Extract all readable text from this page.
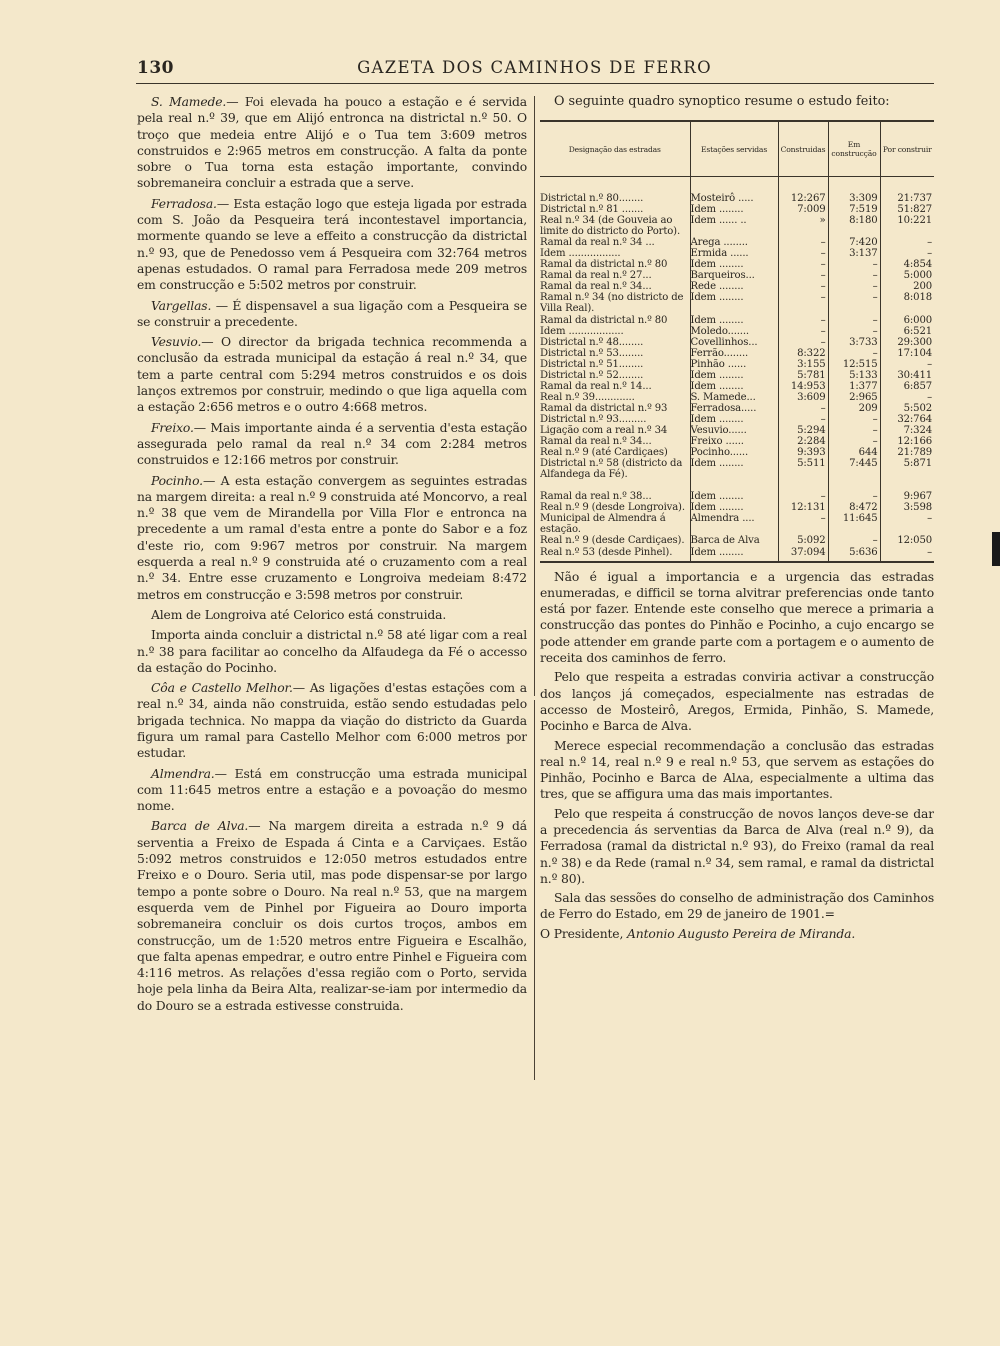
130	GAZETA DOS CAMINHOS DE FERRO

S. Mamede.— Foi elevada ha pouco a estação e é servida pela real n.º 39, que em Alijó entronca na districtal n.º 50. O troço que medeia entre Alijó e o Tua tem 3:609 metros construidos e 2:965 metros em construcção. A falta da ponte sobre o Tua torna esta estação importante, convindo sobremaneira concluir a estrada que a serve.

Ferradosa.— Esta estação logo que esteja ligada por estrada com S. João da Pesqueira terá incontestavel importancia, mormente quando se leve a effeito a construcção da districtal n.º 93, que de Penedosso vem á Pesqueira com 32:764 metros apenas estudados. O ramal para Ferradosa mede 209 metros em construcção e 5:502 metros por construir.

Vargellas. — É dispensavel a sua ligação com a Pesqueira se se construir a precedente.

Vesuvio.— O director da brigada technica recommenda a conclusão da estrada municipal da estação á real n.º 34, que tem a parte central com 5:294 metros construidos e os dois lanços extremos por construir, medindo o que liga aquella com a estação 2:656 metros e o outro 4:668 metros.

Freixo.— Mais importante ainda é a serventia d'esta estação assegurada pelo ramal da real n.º 34 com 2:284 metros construidos e 12:166 metros por construir.

Pocinho.— A esta estação convergem as seguintes estradas na margem direita: a real n.º 9 construida até Moncorvo, a real n.º 38 que vem de Mirandella por Villa Flor e entronca na precedente a um ramal d'esta entre a ponte do Sabor e a foz d'este rio, com 9:967 metros por construir. Na margem esquerda a real n.º 9 construida até o cruzamento com a real n.º 34. Entre esse cruzamento e Longroiva medeiam 8:472 metros em construcção e 3:598 metros por construir.

Alem de Longroiva até Celorico está construida.

Importa ainda concluir a districtal n.º 58 até ligar com a real n.º 38 para facilitar ao concelho da Alfaudega da Fé o accesso da estação do Pocinho.

Côa e Castello Melhor.— As ligações d'estas estações com a real n.º 34, ainda não construida, estão sendo estudadas pelo brigada technica. No mappa da viação do districto da Guarda figura um ramal para Castello Melhor com 6:000 metros por estudar.

Almendra.— Está em construcção uma estrada municipal com 11:645 metros entre a estação e a povoação do mesmo nome.

Barca de Alva.— Na margem direita a estrada n.º 9 dá serventia a Freixo de Espada á Cinta e a Carviçaes. Estão 5:092 metros construidos e 12:050 metros estudados entre Freixo e o Douro. Seria util, mas pode dispensar-se por largo tempo a ponte sobre o Douro. Na real n.º 53, que na margem esquerda vem de Pinhel por Figueira ao Douro importa sobremaneira concluir os dois curtos troços, ambos em construcção, um de 1:520 metros entre Figueira e Escalhão, que falta apenas empedrar, e outro entre Pinhel e Figueira com 4:116 metros. As relações d'essa região com o Porto, servida hoje pela linha da Beira Alta, realizar-se-iam por intermedio da do Douro se a estrada estivesse construida.

O seguinte quadro synoptico resume o estudo feito:
Designação das estradas	Estações servidas	Construidas	Em construcção	Por construir
Districtal n.º 80........	Mosteirô .....	12:267	3:309	21:737
Districtal n.º 81 .......	Idem ........	7:009	7:519	51:827
Real n.º 34 (de Gouveia ao limite do districto do Porto).	Idem ...... ..	»	8:180	10:221
Ramal da real n.º 34 ...	Arega ........	–	7:420	–
Idem .................	Ermida ......	–	3:137	–
Ramal da districtal n.º 80	Idem ........	–	–	4:854
Ramal da real n.º 27...	Barqueiros...	–	–	5:000
Ramal da real n.º 34...	Rede ........	–	–	200
Ramal n.º 34 (no districto de Villa Real).	Idem ........	–	–	8:018
Ramal da districtal n.º 80	Idem ........	–	–	6:000
Idem ..................	Moledo.......	–	–	6:521
Districtal n.º 48........	Covellinhos...	–	3:733	29:300
Districtal n.º 53........	Ferrão........	8:322	–	17:104
Districtal n.º 51........	Pinhão ......	3:155	12:515	–
Districtal n.º 52........	Idem ........	5:781	5:133	30:411
Ramal da real n.º 14...	Idem ........	14:953	1:377	6:857
Real n.º 39.............	S. Mamede...	3:609	2:965	–
Ramal da districtal n.º 93	Ferradosa.....	–	209	5:502
Districtal n.º 93.........	Idem ........	–	–	32:764
Ligação com a real n.º 34	Vesuvio......	5:294	–	7:324
Ramal da real n.º 34...	Freixo ......	2:284	–	12:166
Real n.º 9 (até Cardiçaes)	Pocinho......	9:393	644	21:789
Districtal n.º 58 (districto da Alfandega da Fé).	Idem ........	5:511	7:445	5:871

Ramal da real n.º 38...	Idem ........	–	–	9:967
Real n.º 9 (desde Longroiva).	Idem ........	12:131	8:472	3:598
Municipal de Almendra á estação.	Almendra ....	–	11:645	–
Real n.º 9 (desde Cardiçaes).	Barca de Alva	5:092	–	12:050
Real n.º 53 (desde Pinhel).	Idem ........	37:094	5:636	–

Não é igual a importancia e a urgencia das estradas enumeradas, e difficil se torna alvitrar preferencias onde tanto está por fazer. Entende este conselho que merece a primaria a construcção das pontes do Pinhão e Pocinho, a cujo encargo se pode attender em grande parte com a portagem e o aumento de receita dos caminhos de ferro.

Pelo que respeita a estradas conviria activar a construcção dos lanços já começados, especialmente nas estradas de accesso de Mosteirô, Aregos, Ermida, Pinhão, S. Mamede, Pocinho e Barca de Alva.

Merece especial recommendação a conclusão das estradas real n.º 14, real n.º 9 e real n.º 53, que servem as estações do Pinhão, Pocinho e Barca de Alʌa, especialmente a ultima das tres, que se affigura uma das mais importantes.

Pelo que respeita á construcção de novos lanços deve-se dar a precedencia ás serventias da Barca de Alva (real n.º 9), da Ferradosa (ramal da districtal n.º 93), do Freixo (ramal da real n.º 38) e da Rede (ramal n.º 34, sem ramal, e ramal da districtal n.º 80).

Sala das sessões do conselho de administração dos Caminhos de Ferro do Estado, em 29 de janeiro de 1901.=

O Presidente, Antonio Augusto Pereira de Miranda.
